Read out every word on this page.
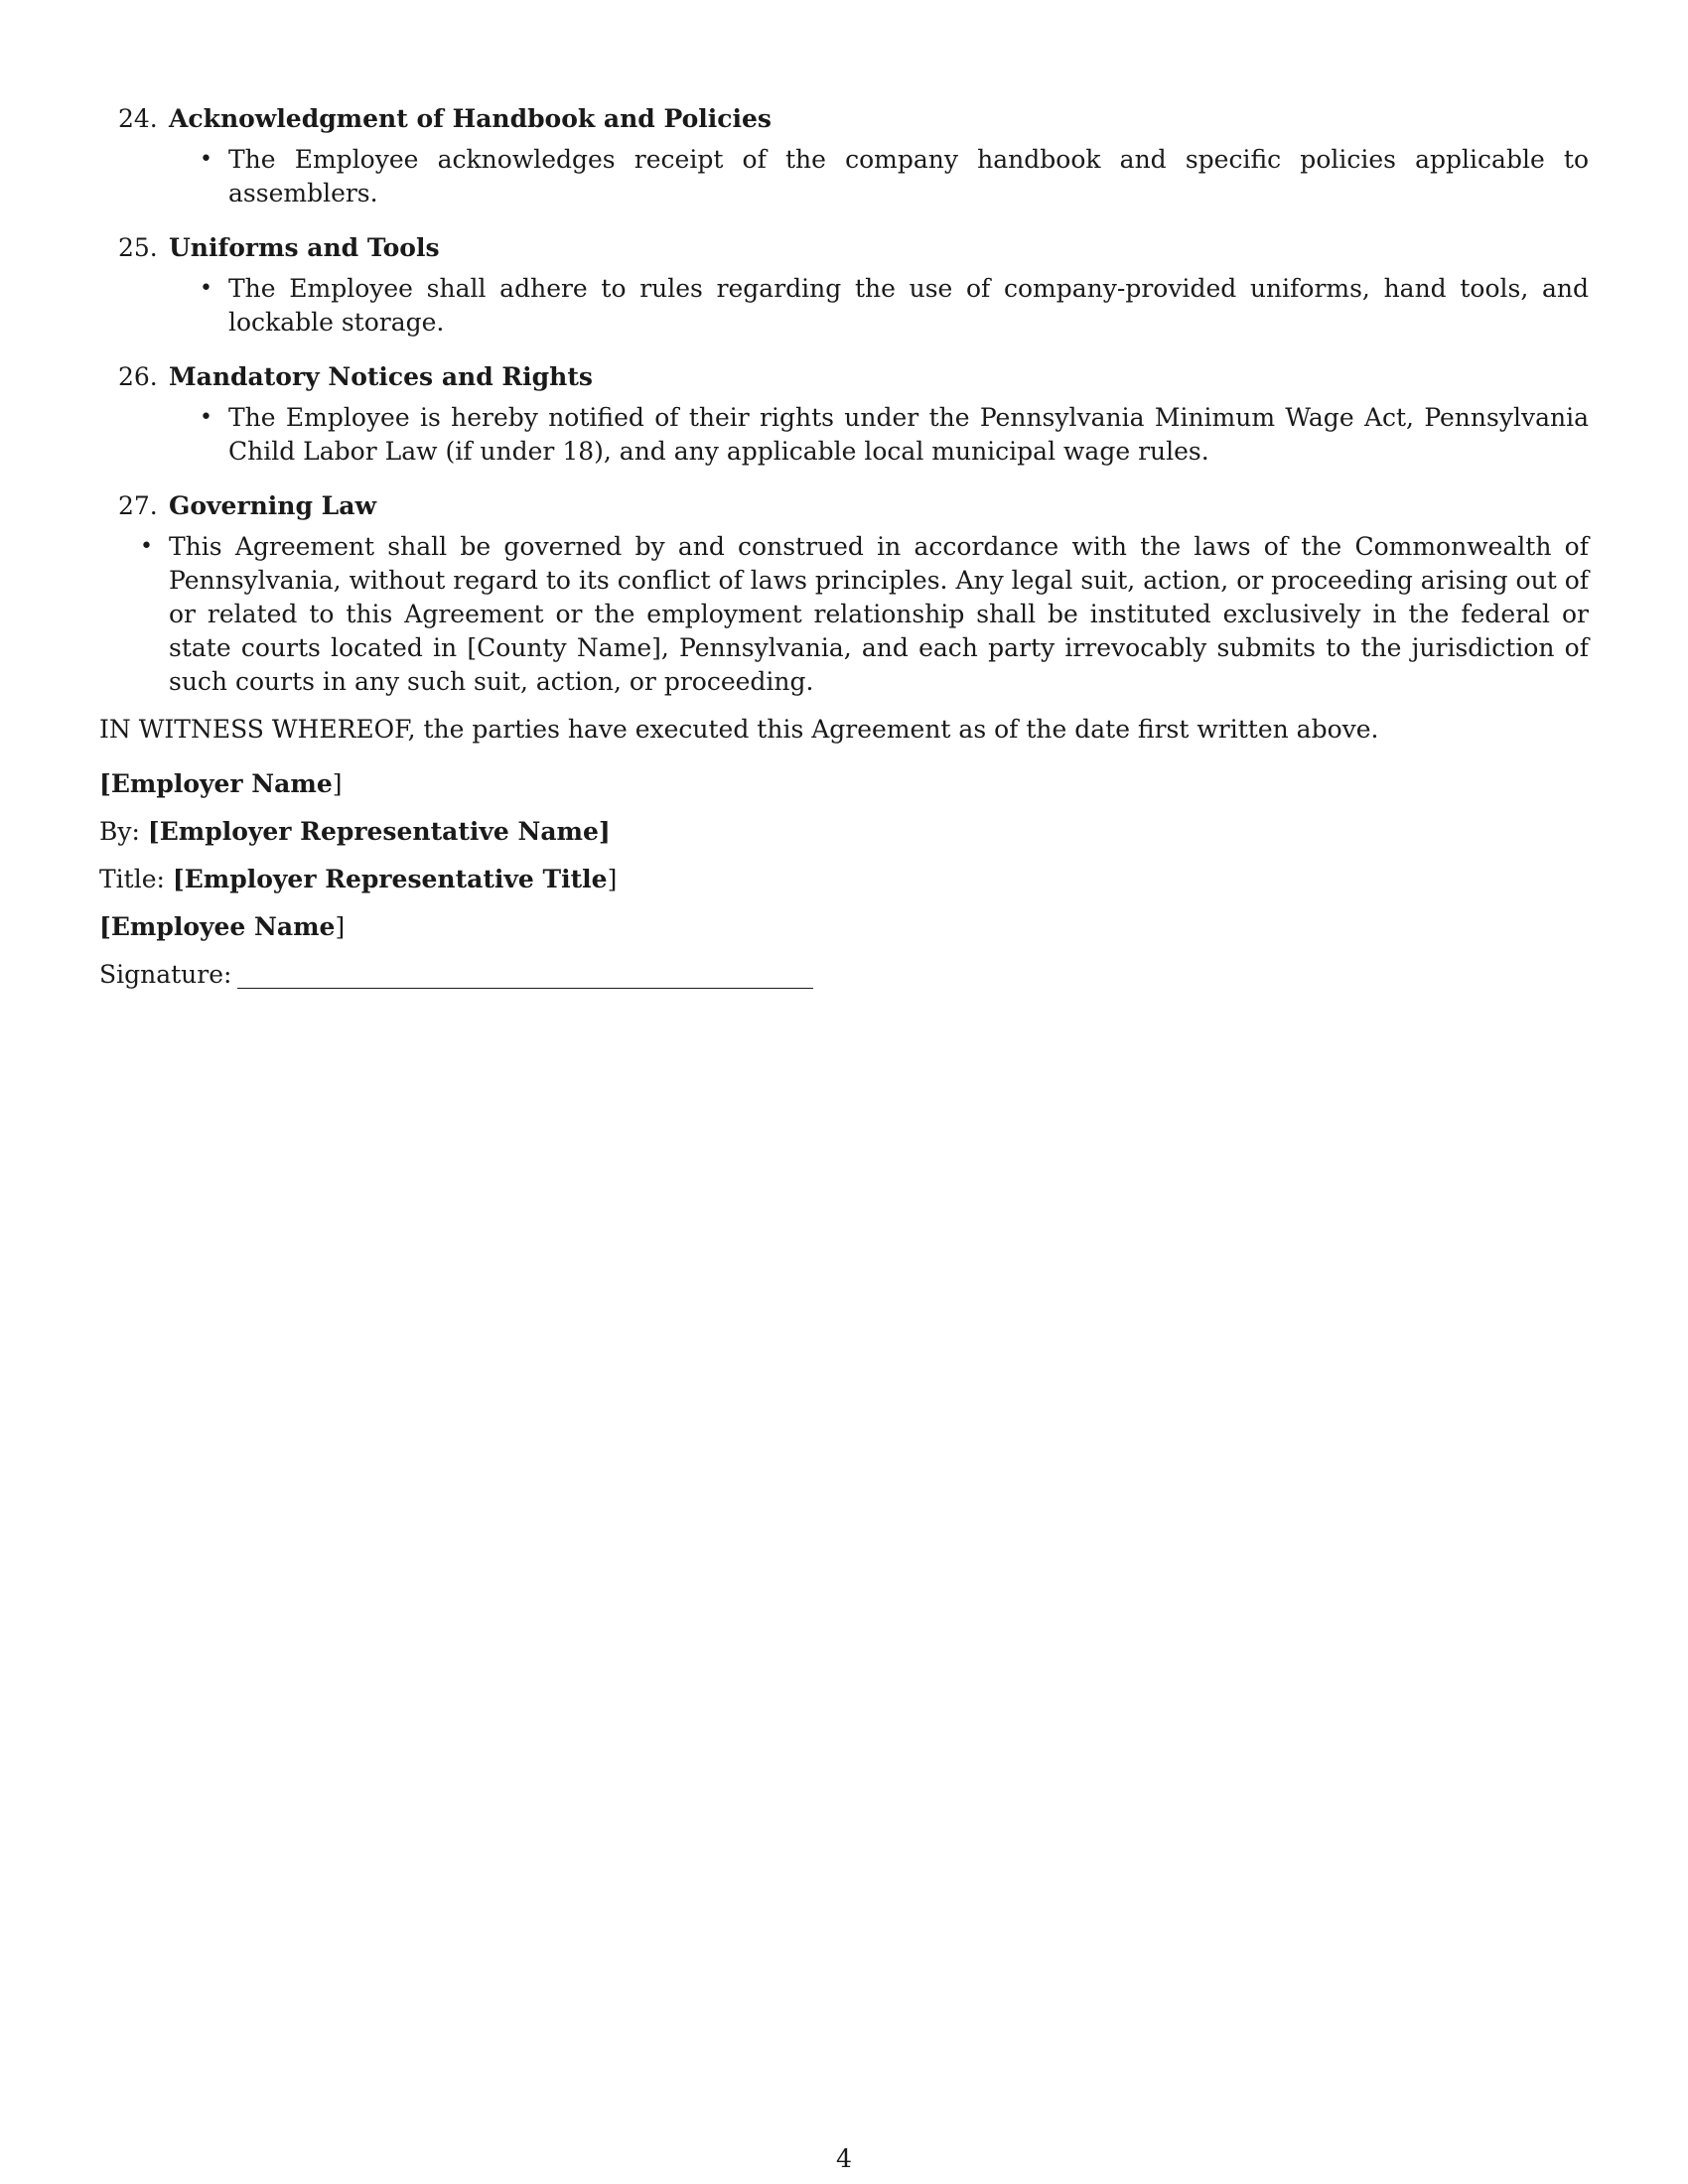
24. Acknowledgment of Handbook and Policies
• The Employee acknowledges receipt of the company handbook and specific policies applicable to assemblers.
25. Uniforms and Tools
• The Employee shall adhere to rules regarding the use of company-provided uniforms, hand tools, and lockable storage.
26. Mandatory Notices and Rights
• The Employee is hereby notified of their rights under the Pennsylvania Minimum Wage Act, Pennsylvania Child Labor Law (if under 18), and any applicable local municipal wage rules.
27. Governing Law
• This Agreement shall be governed by and construed in accordance with the laws of the Commonwealth of Pennsylvania, without regard to its conflict of laws principles. Any legal suit, action, or proceeding arising out of or related to this Agreement or the employment relationship shall be instituted exclusively in the federal or state courts located in [County Name], Pennsylvania, and each party irrevocably submits to the jurisdiction of such courts in any such suit, action, or proceeding.
IN WITNESS WHEREOF, the parties have executed this Agreement as of the date first written above.
[Employer Name]
By: [Employer Representative Name]
Title: [Employer Representative Title]
[Employee Name]
Signature:
4
